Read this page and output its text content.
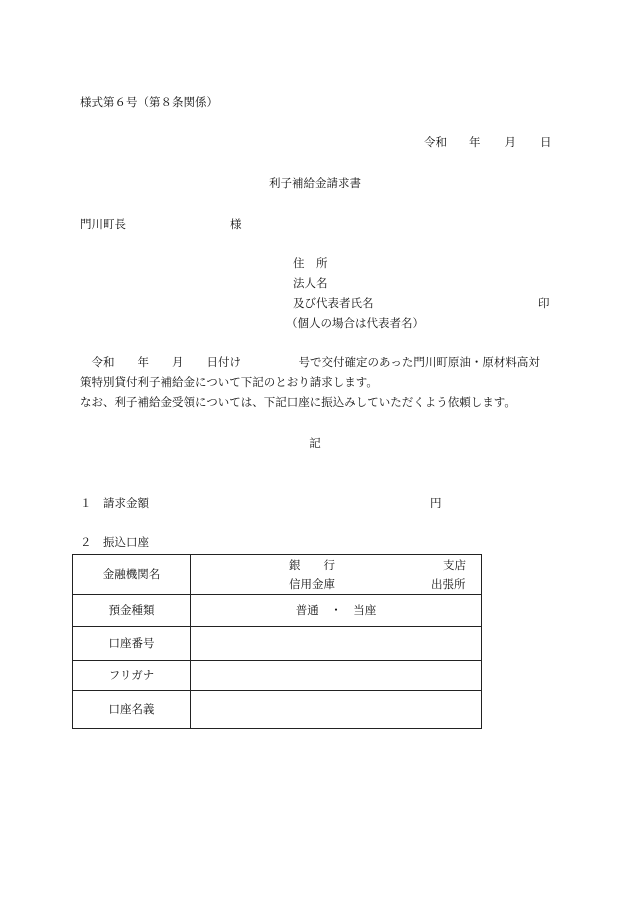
様式第６号（第８条関係）
令和 年 月 日
利子補給金請求書
門川町長	様
住　所
法人名
及び代表者氏名	印
（個人の場合は代表者名）

　令和　　年　　月　　日付け　　　　　号で交付確定のあった門川町原油・原材料高対

策特別貸付利子補給金について下記のとおり請求します。

なお、利子補給金受領については、下記口座に振込みしていただくよう依頼します。

記
１　請求金額	円
２　振込口座
金融機関名	銀　　行 支店
信用金庫 出張所

預金種類	普通　・　当座
口座番号	
フリガナ	
口座名義	
